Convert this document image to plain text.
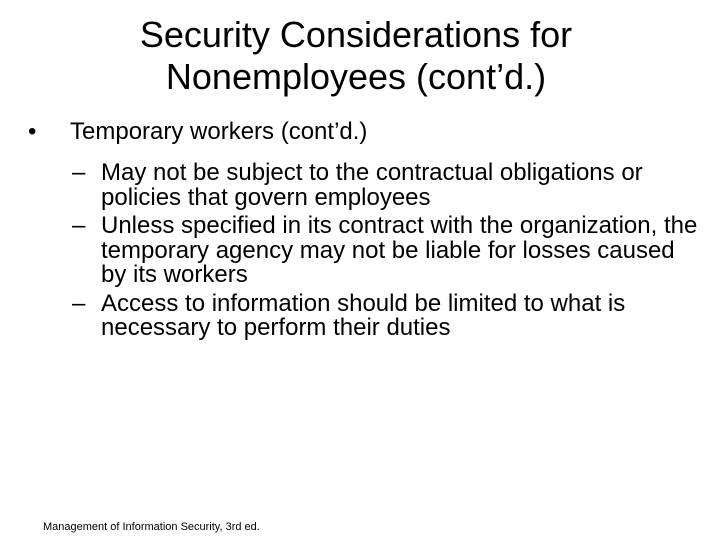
Security Considerations for
Nonemployees (cont’d.)
•	Temporary workers (cont’d.)
– May not be subject to the contractual obligations or policies that govern employees
– Unless specified in its contract with the organization, the temporary agency may not be liable for losses caused by its workers
– Access to information should be limited to what is necessary to perform their duties
Management of Information Security, 3rd ed.
